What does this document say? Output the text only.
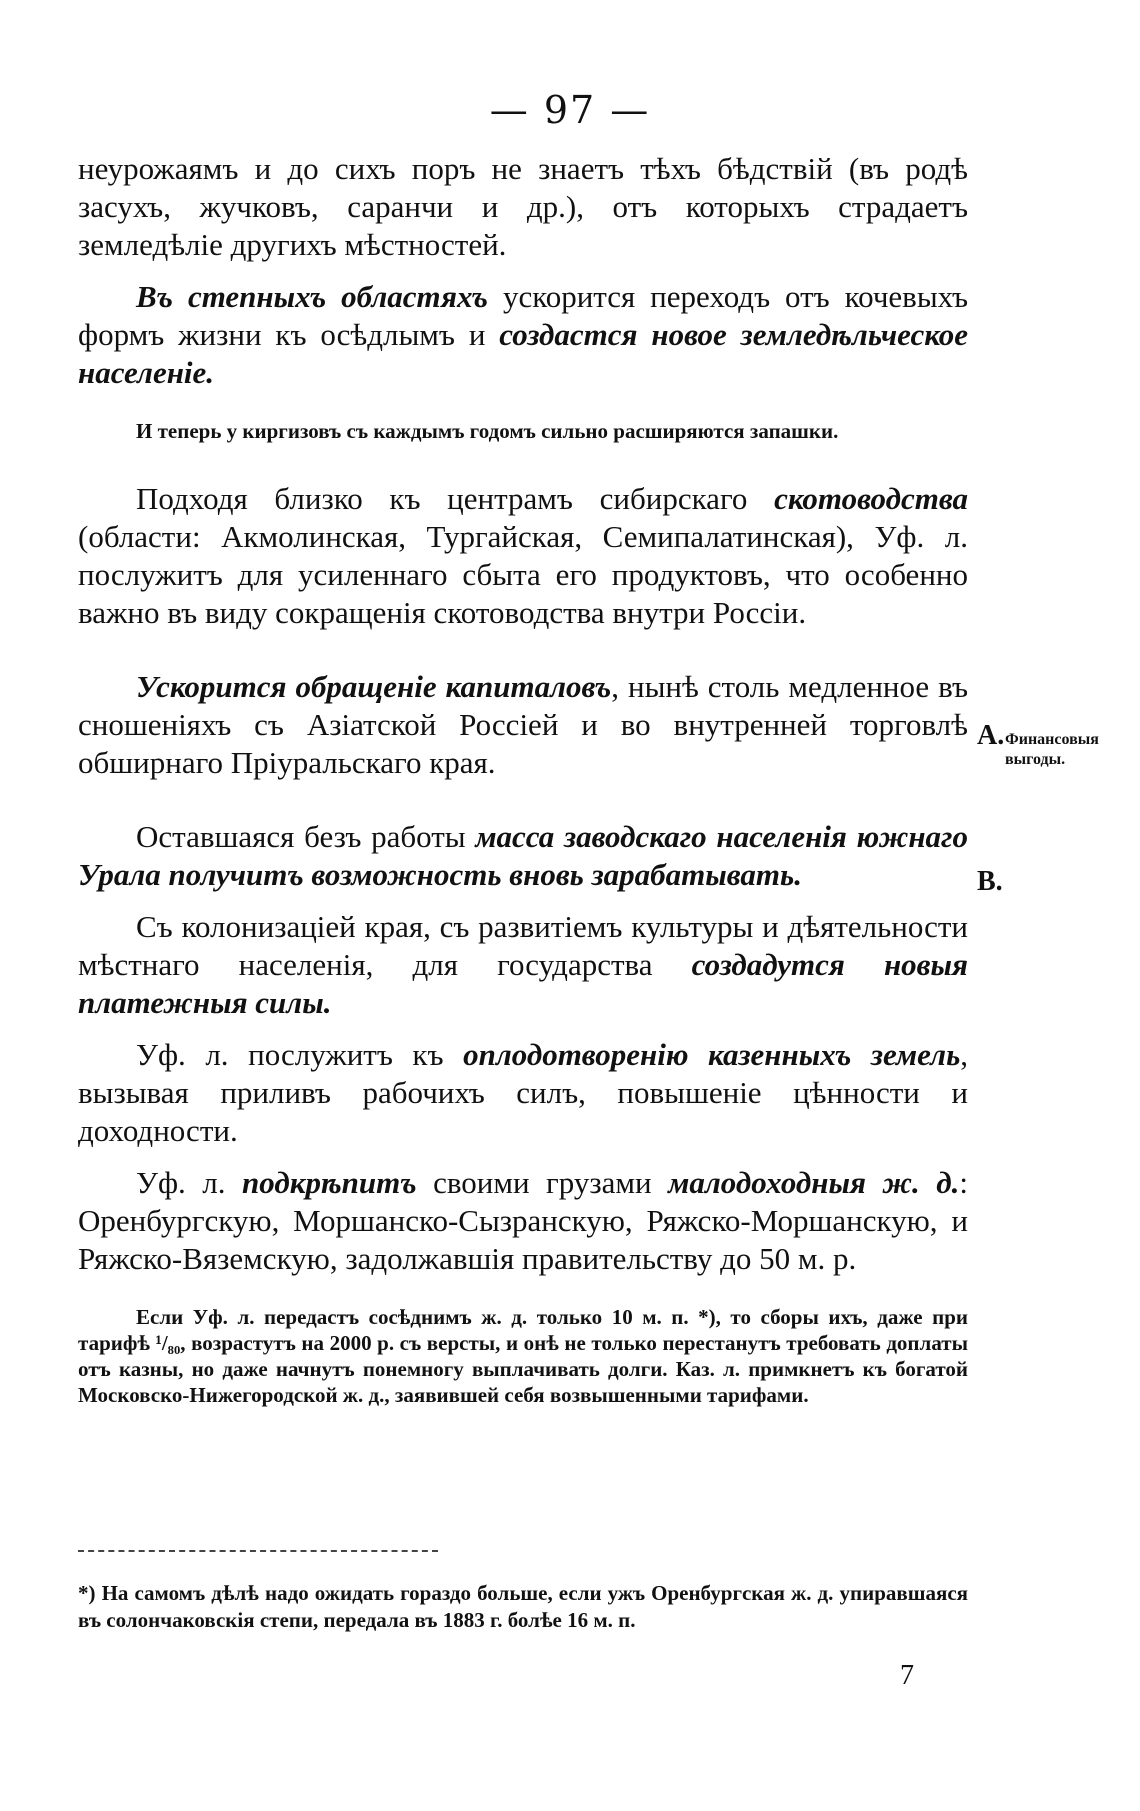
— 97 —

неурожаямъ и до сихъ поръ не знаетъ тѣхъ бѣдствій (въ родѣ засухъ, жучковъ, саранчи и др.), отъ которыхъ страдаетъ земледѣліе другихъ мѣстностей.

Въ степныхъ областяхъ ускорится переходъ отъ кочевыхъ формъ жизни къ осѣдлымъ и создастся новое земледѣльческое населеніе.

И теперь у киргизовъ съ каждымъ годомъ сильно расширяются запашки.

Подходя близко къ центрамъ сибирскаго скотоводства (области: Акмолинская, Тургайская, Семипалатинская), Уф. л. послужитъ для усиленнаго сбыта его продуктовъ, что особенно важно въ виду сокращенія скотоводства внутри Россіи.

Ускорится обращеніе капиталовъ, нынѣ столь медленное въ сношеніяхъ съ Азіатской Россіей и во внутренней торговлѣ обширнаго Пріуральскаго края.

Оставшаяся безъ работы масса заводскаго населенія южнаго Урала получитъ возможность вновь зарабатывать.

Съ колонизаціей края, съ развитіемъ культуры и дѣятельности мѣстнаго населенія, для государства создадутся новыя платежныя силы.

Уф. л. послужитъ къ оплодотворенію казенныхъ земель, вызывая приливъ рабочихъ силъ, повышеніе цѣнности и доходности.

Уф. л. подкрѣпитъ своими грузами малодоходныя ж. д.: Оренбургскую, Моршанско-Сызранскую, Ряжско-Моршанскую, и Ряжско-Вяземскую, задолжавшія правительству до 50 м. р.

Если Уф. л. передастъ сосѣднимъ ж. д. только 10 м. п. *), то сборы ихъ, даже при тарифѣ ¹/₈₀, возрастутъ на 2000 р. съ версты, и онѣ не только перестанутъ требовать доплаты отъ казны, но даже начнутъ понемногу выплачивать долги. Каз. л. примкнетъ къ богатой Московско-Нижегородской ж. д., заявившей себя возвышенными тарифами.

А. Финансовыя выгоды.
В.
*) На самомъ дѣлѣ надо ожидать гораздо больше, если ужъ Оренбургская ж. д. упиравшаяся въ солончаковскія степи, передала въ 1883 г. болѣе 16 м. п.
7
